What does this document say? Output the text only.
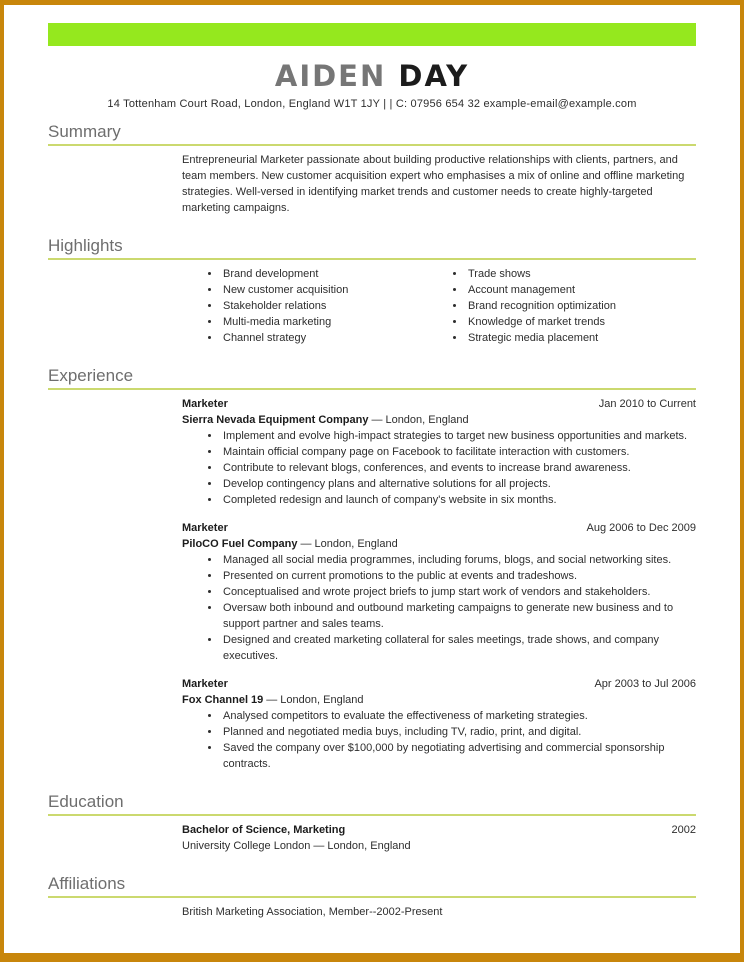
AIDEN DAY
14 Tottenham Court Road, London, England W1T 1JY | | C: 07956 654 32 example-email@example.com
Summary

Entrepreneurial Marketer passionate about building productive relationships with clients, partners, and team members. New customer acquisition expert who emphasises a mix of online and offline marketing strategies. Well-versed in identifying market trends and customer needs to create highly-targeted marketing campaigns.

Highlights
• Brand development
• New customer acquisition
• Stakeholder relations
• Multi-media marketing
• Channel strategy
• Trade shows
• Account management
• Brand recognition optimization
• Knowledge of market trends
• Strategic media placement
Experience
Marketer	Jan 2010 to Current
Sierra Nevada Equipment Company — London, England
• Implement and evolve high-impact strategies to target new business opportunities and markets.
• Maintain official company page on Facebook to facilitate interaction with customers.
• Contribute to relevant blogs, conferences, and events to increase brand awareness.
• Develop contingency plans and alternative solutions for all projects.
• Completed redesign and launch of company's website in six months.
Marketer	Aug 2006 to Dec 2009
PiloCO Fuel Company — London, England
• Managed all social media programmes, including forums, blogs, and social networking sites.
• Presented on current promotions to the public at events and tradeshows.
• Conceptualised and wrote project briefs to jump start work of vendors and stakeholders.
• Oversaw both inbound and outbound marketing campaigns to generate new business and to support partner and sales teams.
• Designed and created marketing collateral for sales meetings, trade shows, and company executives.
Marketer	Apr 2003 to Jul 2006
Fox Channel 19 — London, England
• Analysed competitors to evaluate the effectiveness of marketing strategies.
• Planned and negotiated media buys, including TV, radio, print, and digital.
• Saved the company over $100,000 by negotiating advertising and commercial sponsorship contracts.
Education
Bachelor of Science, Marketing	2002
University College London — London, England
Affiliations
British Marketing Association, Member--2002-Present
